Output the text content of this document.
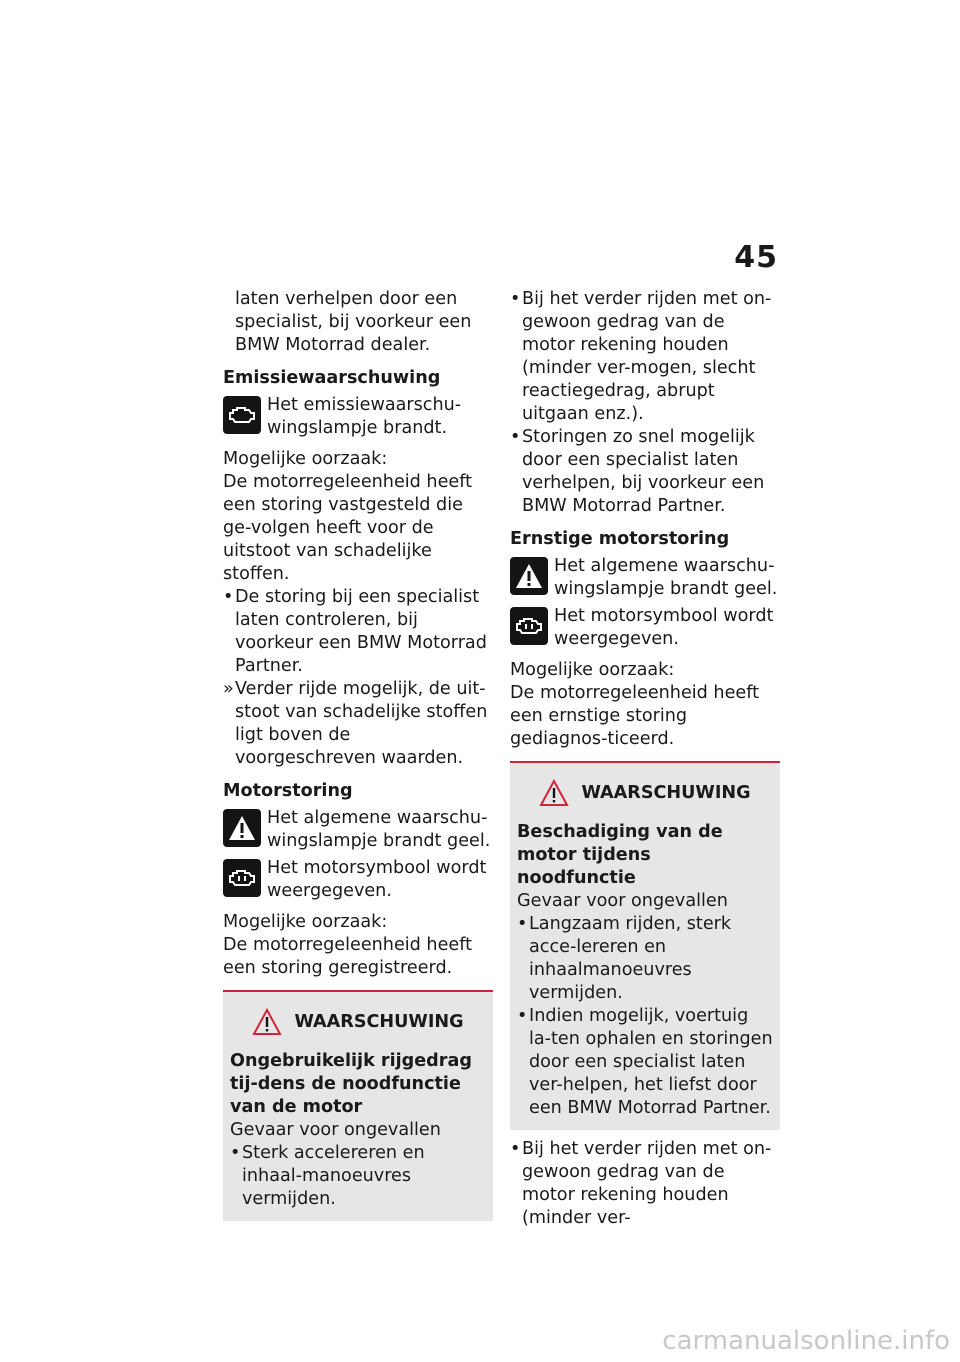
45

laten verhelpen door een specialist, bij voorkeur een BMW Motorrad dealer.

Emissiewaarschuwing

Het emissiewaarschu-wingslampje brandt.

Mogelijke oorzaak:

De motorregeleenheid heeft een storing vastgesteld die ge-volgen heeft voor de uitstoot van schadelijke stoffen.

• De storing bij een specialist laten controleren, bij voorkeur een BMW Motorrad Partner.
» Verder rijde mogelijk, de uit-stoot van schadelijke stoffen ligt boven de voorgeschreven waarden.

Motorstoring

Het algemene waarschu-wingslampje brandt geel.

Het motorsymbool wordt weergegeven.

Mogelijke oorzaak:

De motorregeleenheid heeft een storing geregistreerd.

WAARSCHUWING

Ongebruikelijk rijgedrag tij-dens de noodfunctie van de motor

Gevaar voor ongevallen

• Sterk accelereren en inhaal-manoeuvres vermijden.
• Bij het verder rijden met on-gewoon gedrag van de motor rekening houden (minder ver-mogen, slecht reactiegedrag, abrupt uitgaan enz.).
• Storingen zo snel mogelijk door een specialist laten verhelpen, bij voorkeur een BMW Motorrad Partner.

Ernstige motorstoring

Het algemene waarschu-wingslampje brandt geel.

Het motorsymbool wordt weergegeven.

Mogelijke oorzaak:

De motorregeleenheid heeft een ernstige storing gediagnos-ticeerd.

WAARSCHUWING

Beschadiging van de motor tijdens noodfunctie

Gevaar voor ongevallen

• Langzaam rijden, sterk acce-lereren en inhaalmanoeuvres vermijden.
• Indien mogelijk, voertuig la-ten ophalen en storingen door een specialist laten ver-helpen, het liefst door een BMW Motorrad Partner.
• Bij het verder rijden met on-gewoon gedrag van de motor rekening houden (minder ver-
carmanualsonline.info
